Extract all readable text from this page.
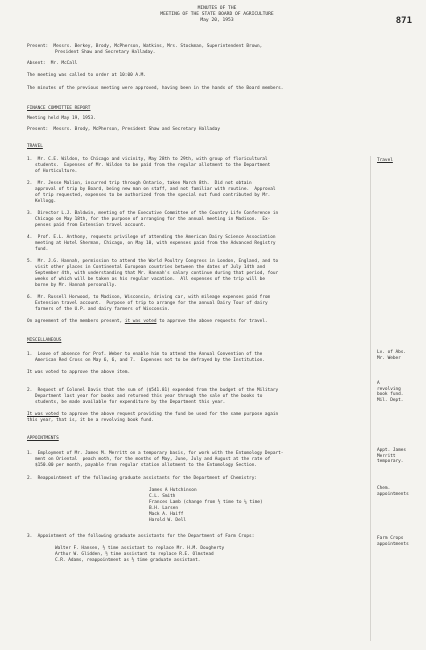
MINUTES OF THE
MEETING OF THE STATE BOARD OF AGRICULTURE
May 20, 1953	871
Present:  Messrs. Berkey, Brody, McPherson, Watkins, Mrs. Stockman, Superintendent Brown,
President Shaw and Secretary Halladay.
Absent:  Mr. McCall
The meeting was called to order at 10:00 A.M.
The minutes of the previous meeting were approved, having been in the hands of the Board members.
FINANCE COMMITTEE REPORT
Meeting held May 19, 1953.
Present:  Messrs. Brody, McPherson, President Shaw and Secretary Halladay
TRAVEL
Travel
1.  Mr. C.E. Wildon, to Chicago and vicinity, May 28th to 29th, with group of floricultural
students.  Expenses of Mr. Wildon to be paid from the regular allotment to the Department
of Horticulture.
2.  Mr. Jesse Malion, incurred trip through Ontario, taken March 8th.  Did not obtain
approval of trip by Board, being new man on staff, and not familiar with routine.  Approval
of trip requested, expenses to be authorized from the special nut fund contributed by Mr.
Kellogg.
3.  Director L.J. Baldwin, meeting of the Executive Committee of the Country Life Conference in
Chicago on May 18th, for the purpose of arranging for the annual meeting in Madison.  Ex-
penses paid from Extension travel account.
4.  Prof. E.L. Anthony, requests privilege of attending the American Dairy Science Association
meeting at Hotel Sherman, Chicago, on May 10, with expenses paid from the Advanced Registry
fund.
5.  Mr. J.G. Hannah, permission to attend the World Poultry Congress in London, England, and to
visit other places in Continental European countries between the dates of July 14th and
September 4th, with understanding that Mr. Hannah's salary continue during that period, four
weeks of which will be taken as his regular vacation.  All expenses of the trip will be
borne by Mr. Hannah personally.
6.  Mr. Russell Horwood, to Madison, Wisconsin, driving car, with mileage expenses paid from
Extension travel account.  Purpose of trip to arrange for the annual Dairy Tour of dairy
farmers of the U.P. and dairy farmers of Wisconsin.
On agreement of the members present, it was voted to approve the above requests for travel.
MISCELLANEOUS
Lv. of Abs.
Mr. Weber
1.  Leave of absence for Prof. Weber to enable him to attend the Annual Convention of the
American Red Cross on May 6, 6, and 7.  Expenses not to be defrayed by the Institution.
It was voted to approve the above item.
A
revolving
book fund.
Mil. Dept.
2.  Request of Colonel Davis that the sum of ($541.81) expended from the budget of the Military
Department last year for books and returned this year through the sale of the books to
students, be made available for expenditure by the Department this year.
It was voted to approve the above request providing the fund be used for the same purpose again
this year, that is, it be a revolving book fund.
APPOINTMENTS
Appt. James
Merritt
temporary.
1.  Employment of Mr. James M. Merritt on a temporary basis, for work with the Entomology Depart-
ment on Oriental  peach moth, for the months of May, June, July and August at the rate of
$150.00 per month, payable from regular station allotment to the Entomology Section.
Chem.
appointments
2.  Reappointment of the following graduate assistants for the Department of Chemistry:
James A Hutchinson
C.L. Smith
Frances Lamb (change from ½ time to ¼ time)
B.H. Larsen
Mack A. Haiff
Harold W. Dell
Farm Crops
appointments
3.  Appointment of the following graduate assistants for the Department of Farm Crops:
Walter F. Hansen, ½ time assistant to replace Mr. H.M. Dougherty
Arthur W. Glidden, ½ time assistant to replace R.E. Olmstead
C.R. Adams, reappointment as ½ time graduate assistant.
